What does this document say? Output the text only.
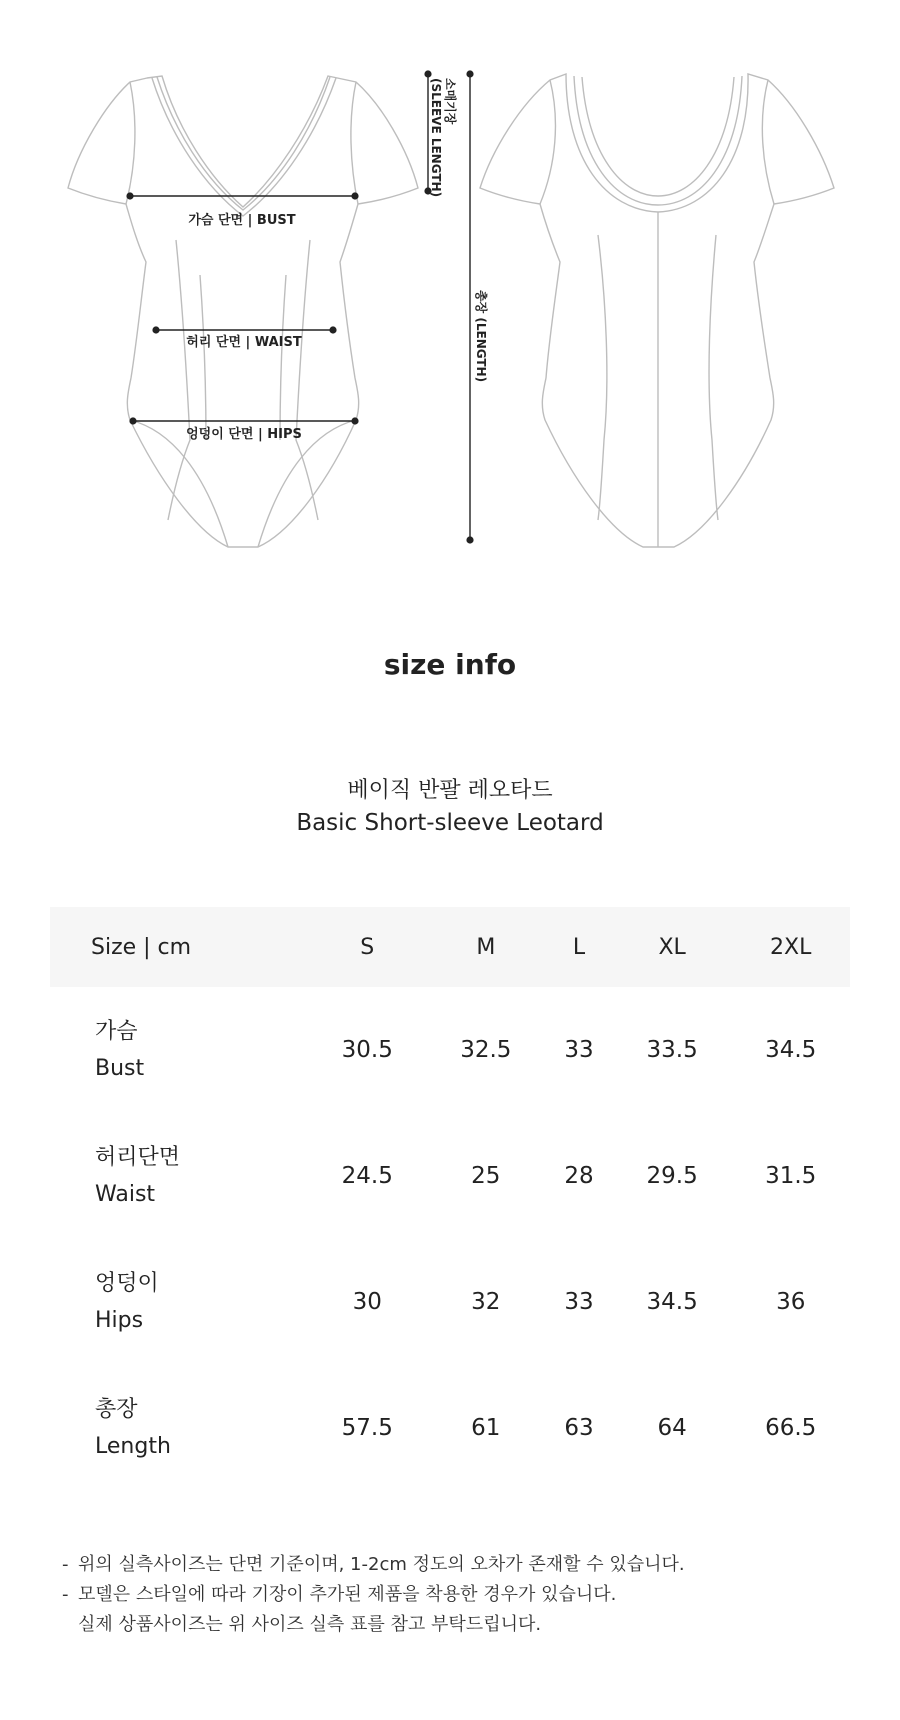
가슴 단면 | BUST
허리 단면 | WAIST
엉덩이 단면 | HIPS
소매기장
(SLEEVE LENGTH)
총장 (LENGTH)
size info
베이직 반팔 레오타드
Basic Short-sleeve Leotard
Size | cm	S	M	L	XL	2XL

가슴
Bust	30.5	32.5	33	33.5	34.5

허리단면
Waist	24.5	25	28	29.5	31.5

엉덩이
Hips	30	32	33	34.5	36

총장
Length	57.5	61	63	64	66.5
- 위의 실측사이즈는 단면 기준이며, 1-2cm 정도의 오차가 존재할 수 있습니다.
- 모델은 스타일에 따라 기장이 추가된 제품을 착용한 경우가 있습니다.
실제 상품사이즈는 위 사이즈 실측 표를 참고 부탁드립니다.
